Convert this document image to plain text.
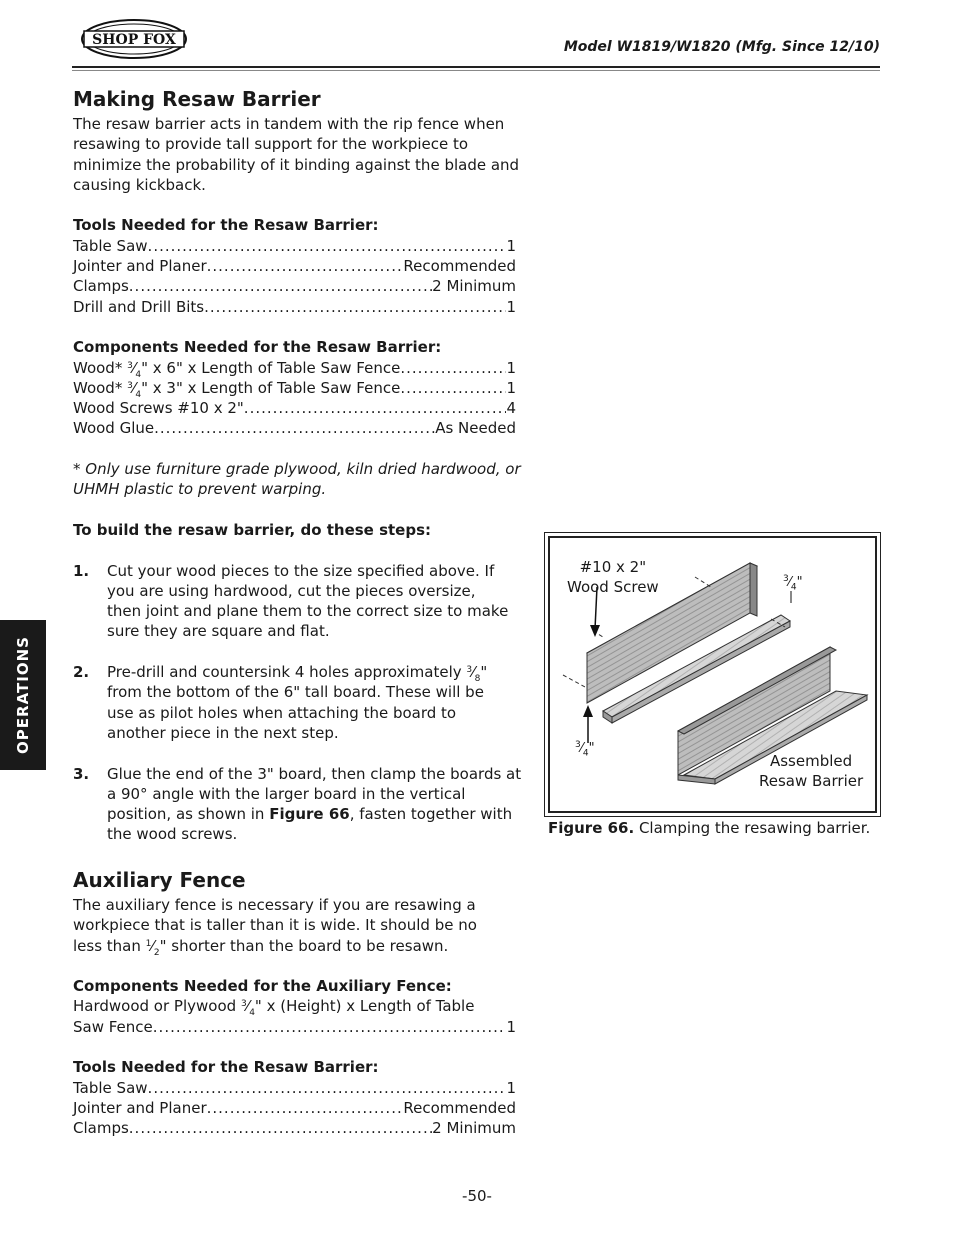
SHOP FOX	Model W1819/W1820 (Mfg. Since 12/10)
OPERATIONS
Making Resaw Barrier
The resaw barrier acts in tandem with the rip fence when resawing to provide tall support for the workpiece to minimize the probability of it binding against the blade and causing kickback.
Tools Needed for the Resaw Barrier:
Table Saw .....	1
Jointer and Planer .....	Recommended
Clamps .....	2 Minimum
Drill and Drill Bits .....	1
Components Needed for the Resaw Barrier:
Wood* $^3⁄_4$" x 6" x Length of Table Saw Fence .....	1
Wood* $^3⁄_4$" x 3" x Length of Table Saw Fence .....	1
Wood Screws #10 x 2" .....	4
Wood Glue .....	As Needed
* Only use furniture grade plywood, kiln dried hardwood, or UHMH plastic to prevent warping.
To build the resaw barrier, do these steps:
1.	Cut your wood pieces to the size specified above. If you are using hardwood, cut the pieces oversize, then joint and plane them to the correct size to make sure they are square and flat.
2.	Pre-drill and countersink 4 holes approximately $^3⁄_8$" from the bottom of the 6" tall board. These will be use as pilot holes when attaching the board to another piece in the next step.
3.	Glue the end of the 3" board, then clamp the boards at a 90° angle with the larger board in the vertical position, as shown in Figure 66, fasten together with the wood screws.
Auxiliary Fence
The auxiliary fence is necessary if you are resawing a workpiece that is taller than it is wide. It should be no less than $^1⁄_2$" shorter than the board to be resawn.
Components Needed for the Auxiliary Fence:
Hardwood or Plywood $^3⁄_4$" x (Height) x Length of Table
Saw Fence .....	1
Tools Needed for the Resaw Barrier:
Table Saw .....	1
Jointer and Planer .....	Recommended
Clamps .....	2 Minimum
#10 x 2"
Wood Screw	$^3⁄_4$"
$^3⁄_4$"
Assembled
Resaw Barrier
Figure 66. Clamping the resawing barrier.
-50-
